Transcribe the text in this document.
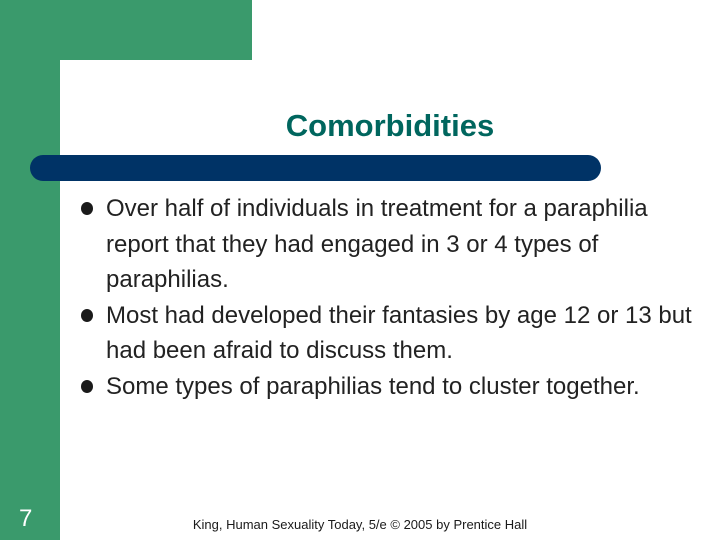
Comorbidities
Over half of individuals in treatment for a paraphilia report that they had engaged in 3 or 4 types of paraphilias.
Most had developed their fantasies by age 12 or 13 but had been afraid to discuss them.
Some types of paraphilias tend to cluster together.
7	King, Human Sexuality Today, 5/e © 2005 by Prentice Hall
